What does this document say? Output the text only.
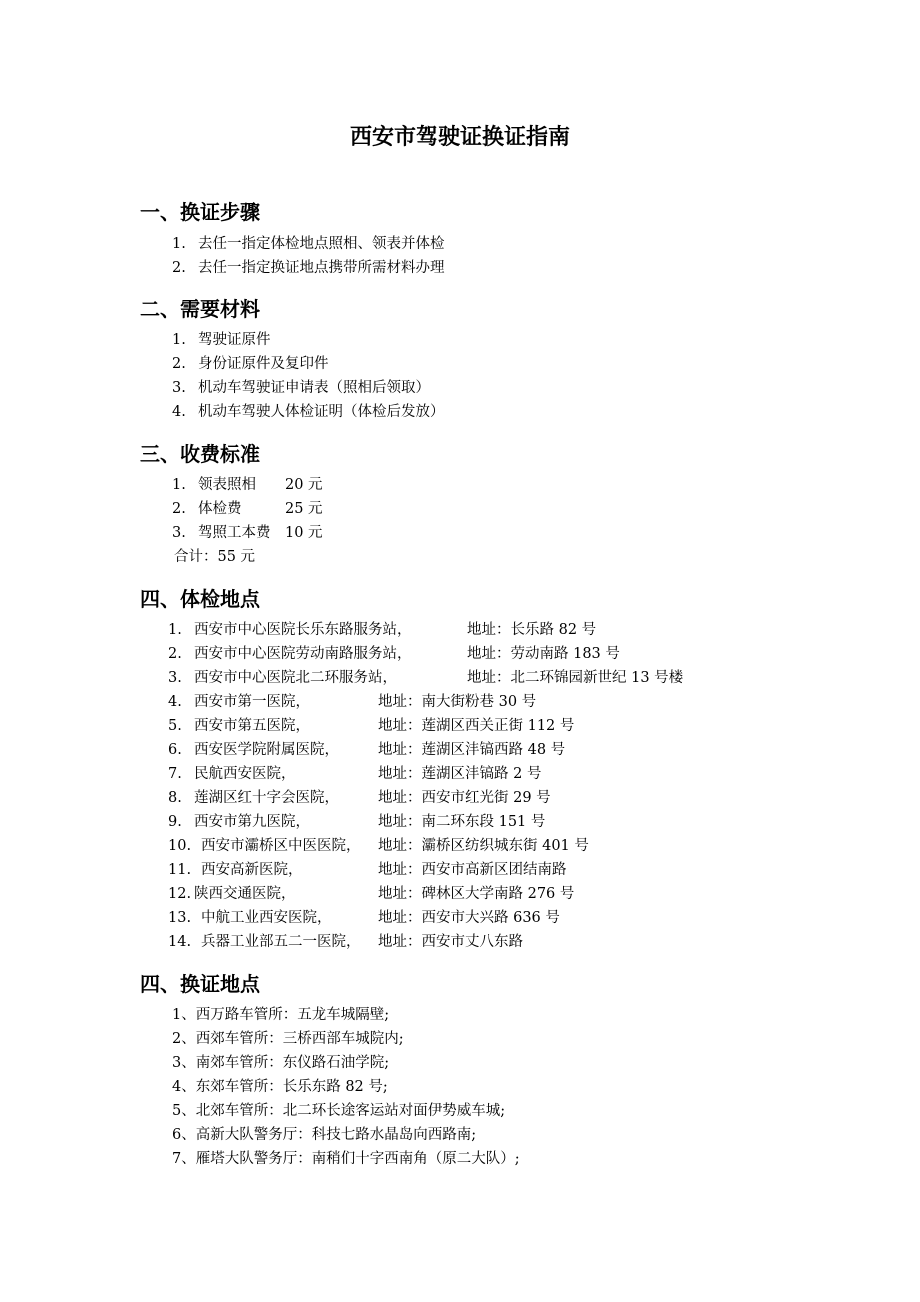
西安市驾驶证换证指南
一、换证步骤
1. 去任一指定体检地点照相、领表并体检
2. 去任一指定换证地点携带所需材料办理
二、需要材料
1. 驾驶证原件
2. 身份证原件及复印件
3. 机动车驾驶证申请表（照相后领取）
4. 机动车驾驶人体检证明（体检后发放）
三、收费标准
1. 领表照相 20 元
2. 体检费	25 元
3. 驾照工本费 10 元
合计：55 元
四、体检地点
1. 西安市中心医院长乐东路服务站，	地址：长乐路 82 号
2. 西安市中心医院劳动南路服务站，	地址：劳动南路 183 号
3. 西安市中心医院北二环服务站，	地址：北二环锦园新世纪 13 号楼
4. 西安市第一医院，	地址：南大街粉巷 30 号
5. 西安市第五医院，	地址：莲湖区西关正街 112 号
6. 西安医学院附属医院，	地址：莲湖区沣镐西路 48 号
7. 民航西安医院，	地址：莲湖区沣镐路 2 号
8. 莲湖区红十字会医院，	地址：西安市红光街 29 号
9. 西安市第九医院，	地址：南二环东段 151 号
10. 西安市灞桥区中医医院， 地址：灞桥区纺织城东街 401 号
11. 西安高新医院，	地址：西安市高新区团结南路
12. 陕西交通医院，	地址：碑林区大学南路 276 号
13. 中航工业西安医院，	地址：西安市大兴路 636 号
14. 兵器工业部五二一医院， 地址：西安市丈八东路
四、换证地点
1、西万路车管所：五龙车城隔壁;
2、西郊车管所：三桥西部车城院内;
3、南郊车管所：东仪路石油学院;
4、东郊车管所：长乐东路 82 号;
5、北郊车管所：北二环长途客运站对面伊势威车城;
6、高新大队警务厅：科技七路水晶岛向西路南;
7、雁塔大队警务厅：南稍们十字西南角（原二大队）;
